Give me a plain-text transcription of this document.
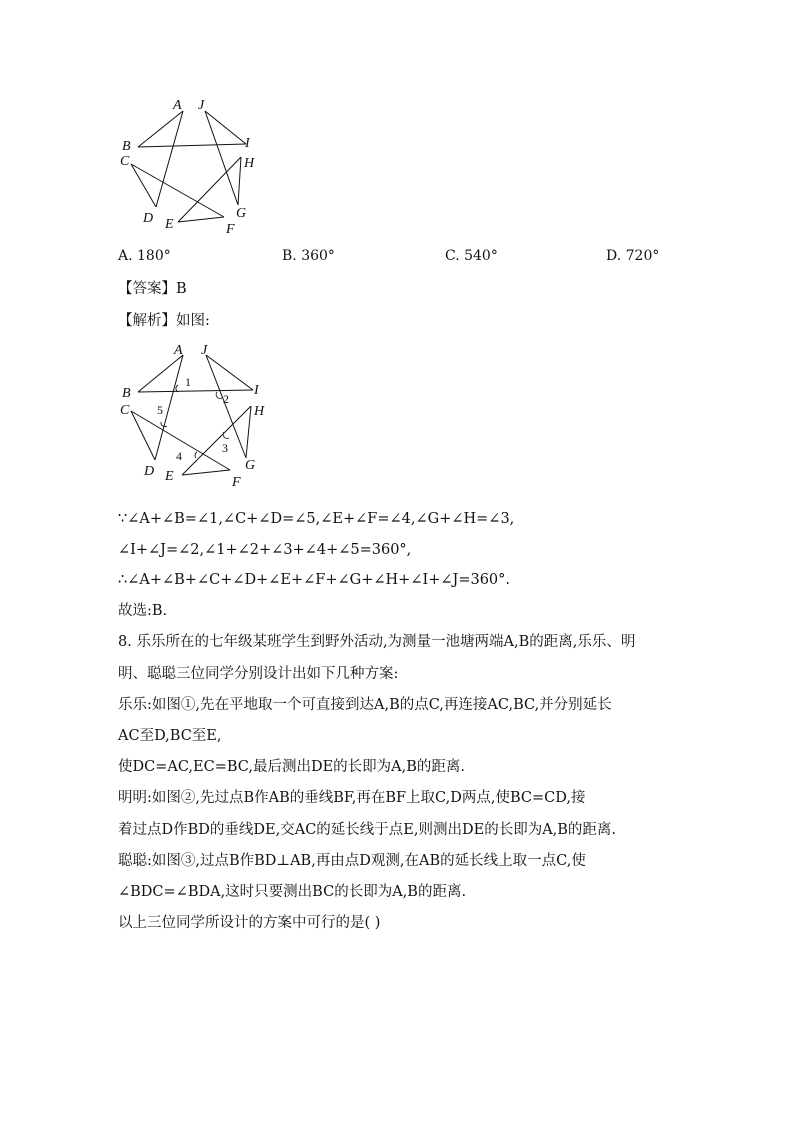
A J
B	I
C	H
D	G
E	F
A. 180°	B. 360°	C. 540°	D. 720°
【答案】B
【解析】如图:
A J
B	I
C	H
D	G
E	F
1
2
3
4
5
∵∠A+∠B=∠1,∠C+∠D=∠5,∠E+∠F=∠4,∠G+∠H=∠3,
∠I+∠J=∠2,∠1+∠2+∠3+∠4+∠5=360°,
∴∠A+∠B+∠C+∠D+∠E+∠F+∠G+∠H+∠I+∠J=360°.
故选:B.
8. 乐乐所在的七年级某班学生到野外活动,为测量一池塘两端A,B的距离,乐乐、明
明、聪聪三位同学分别设计出如下几种方案:
乐乐:如图①,先在平地取一个可直接到达A,B的点C,再连接AC,BC,并分别延长
AC至D,BC至E,
使DC=AC,EC=BC,最后测出DE的长即为A,B的距离.
明明:如图②,先过点B作AB的垂线BF,再在BF上取C,D两点,使BC=CD,接
着过点D作BD的垂线DE,交AC的延长线于点E,则测出DE的长即为A,B的距离.
聪聪:如图③,过点B作BD⊥AB,再由点D观测,在AB的延长线上取一点C,使
∠BDC=∠BDA,这时只要测出BC的长即为A,B的距离.
以上三位同学所设计的方案中可行的是( )
